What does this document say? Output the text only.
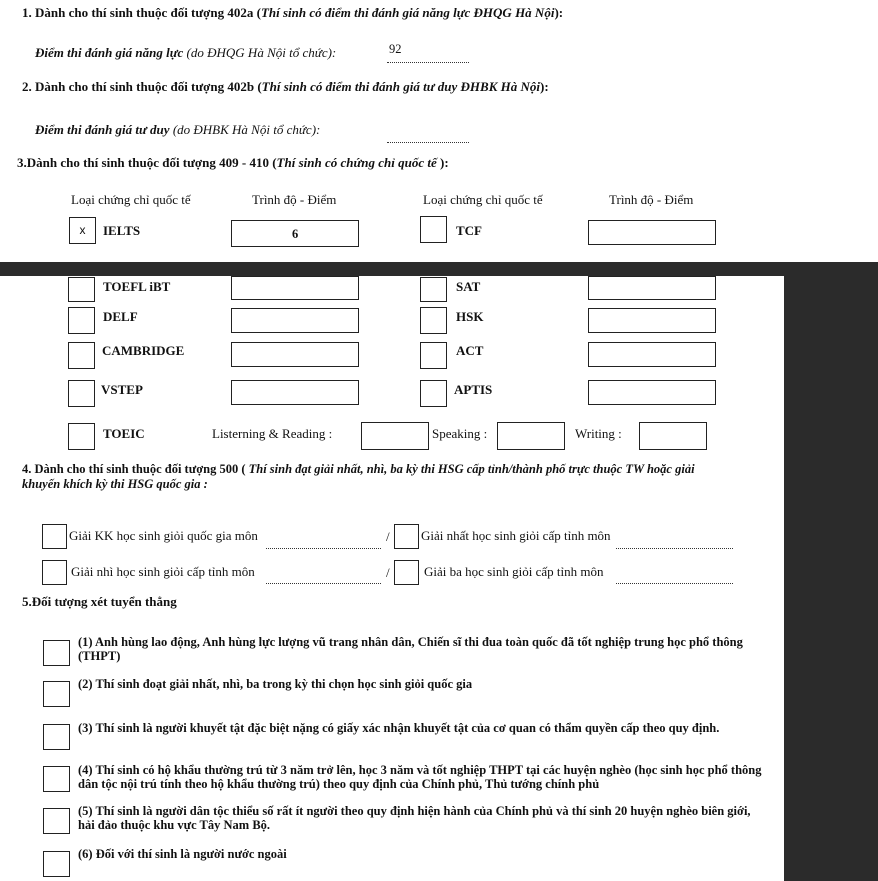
1. Dành cho thí sinh thuộc đối tượng 402a (Thí sinh có điểm thi đánh giá năng lực ĐHQG Hà Nội):
Điểm thi đánh giá năng lực (do ĐHQG Hà Nội tổ chức):	92
2. Dành cho thí sinh thuộc đối tượng 402b (Thí sinh có điểm thi đánh giá tư duy ĐHBK Hà Nội):
Điểm thi đánh giá tư duy (do ĐHBK Hà Nội tổ chức):
3.Dành cho thí sinh thuộc đối tượng 409 - 410 (Thí sinh có chứng chỉ quốc tế ):
Loại chứng chỉ quốc tế	Trình độ - Điểm	Loại chứng chỉ quốc tế	Trình độ - Điểm
x	IELTS	6	TCF
TOEFL iBT	SAT
DELF	HSK
CAMBRIDGE	ACT
VSTEP	APTIS
TOEIC	Listerning & Reading :	Speaking :	Writing :
4. Dành cho thí sinh thuộc đối tượng 500 ( Thí sinh đạt giải nhất, nhì, ba kỳ thi HSG cấp tỉnh/thành phố trực thuộc TW hoặc giải
khuyến khích kỳ thi HSG quốc gia :
Giải KK học sinh giỏi quốc gia môn	/ Giải nhất học sinh giỏi cấp tỉnh môn
Giải nhì học sinh giỏi cấp tỉnh môn	/	Giải ba học sinh giỏi cấp tỉnh môn
5.Đối tượng xét tuyển thẳng
(1) Anh hùng lao động, Anh hùng lực lượng vũ trang nhân dân, Chiến sĩ thi đua toàn quốc đã tốt nghiệp trung học phổ thông (THPT)
(2) Thí sinh đoạt giải nhất, nhì, ba trong kỳ thi chọn học sinh giỏi quốc gia
(3) Thí sinh là người khuyết tật đặc biệt nặng có giấy xác nhận khuyết tật của cơ quan có thẩm quyền cấp theo quy định.
(4) Thí sinh có hộ khẩu thường trú từ 3 năm trở lên, học 3 năm và tốt nghiệp THPT tại các huyện nghèo (học sinh học phổ thông dân tộc nội trú tính theo hộ khẩu thường trú) theo quy định của Chính phủ, Thủ tướng chính phủ
(5) Thí sinh là người dân tộc thiểu số rất ít người theo quy định hiện hành của Chính phủ và thí sinh 20 huyện nghèo biên giới, hải đảo thuộc khu vực Tây Nam Bộ.
(6) Đối với thí sinh là người nước ngoài
